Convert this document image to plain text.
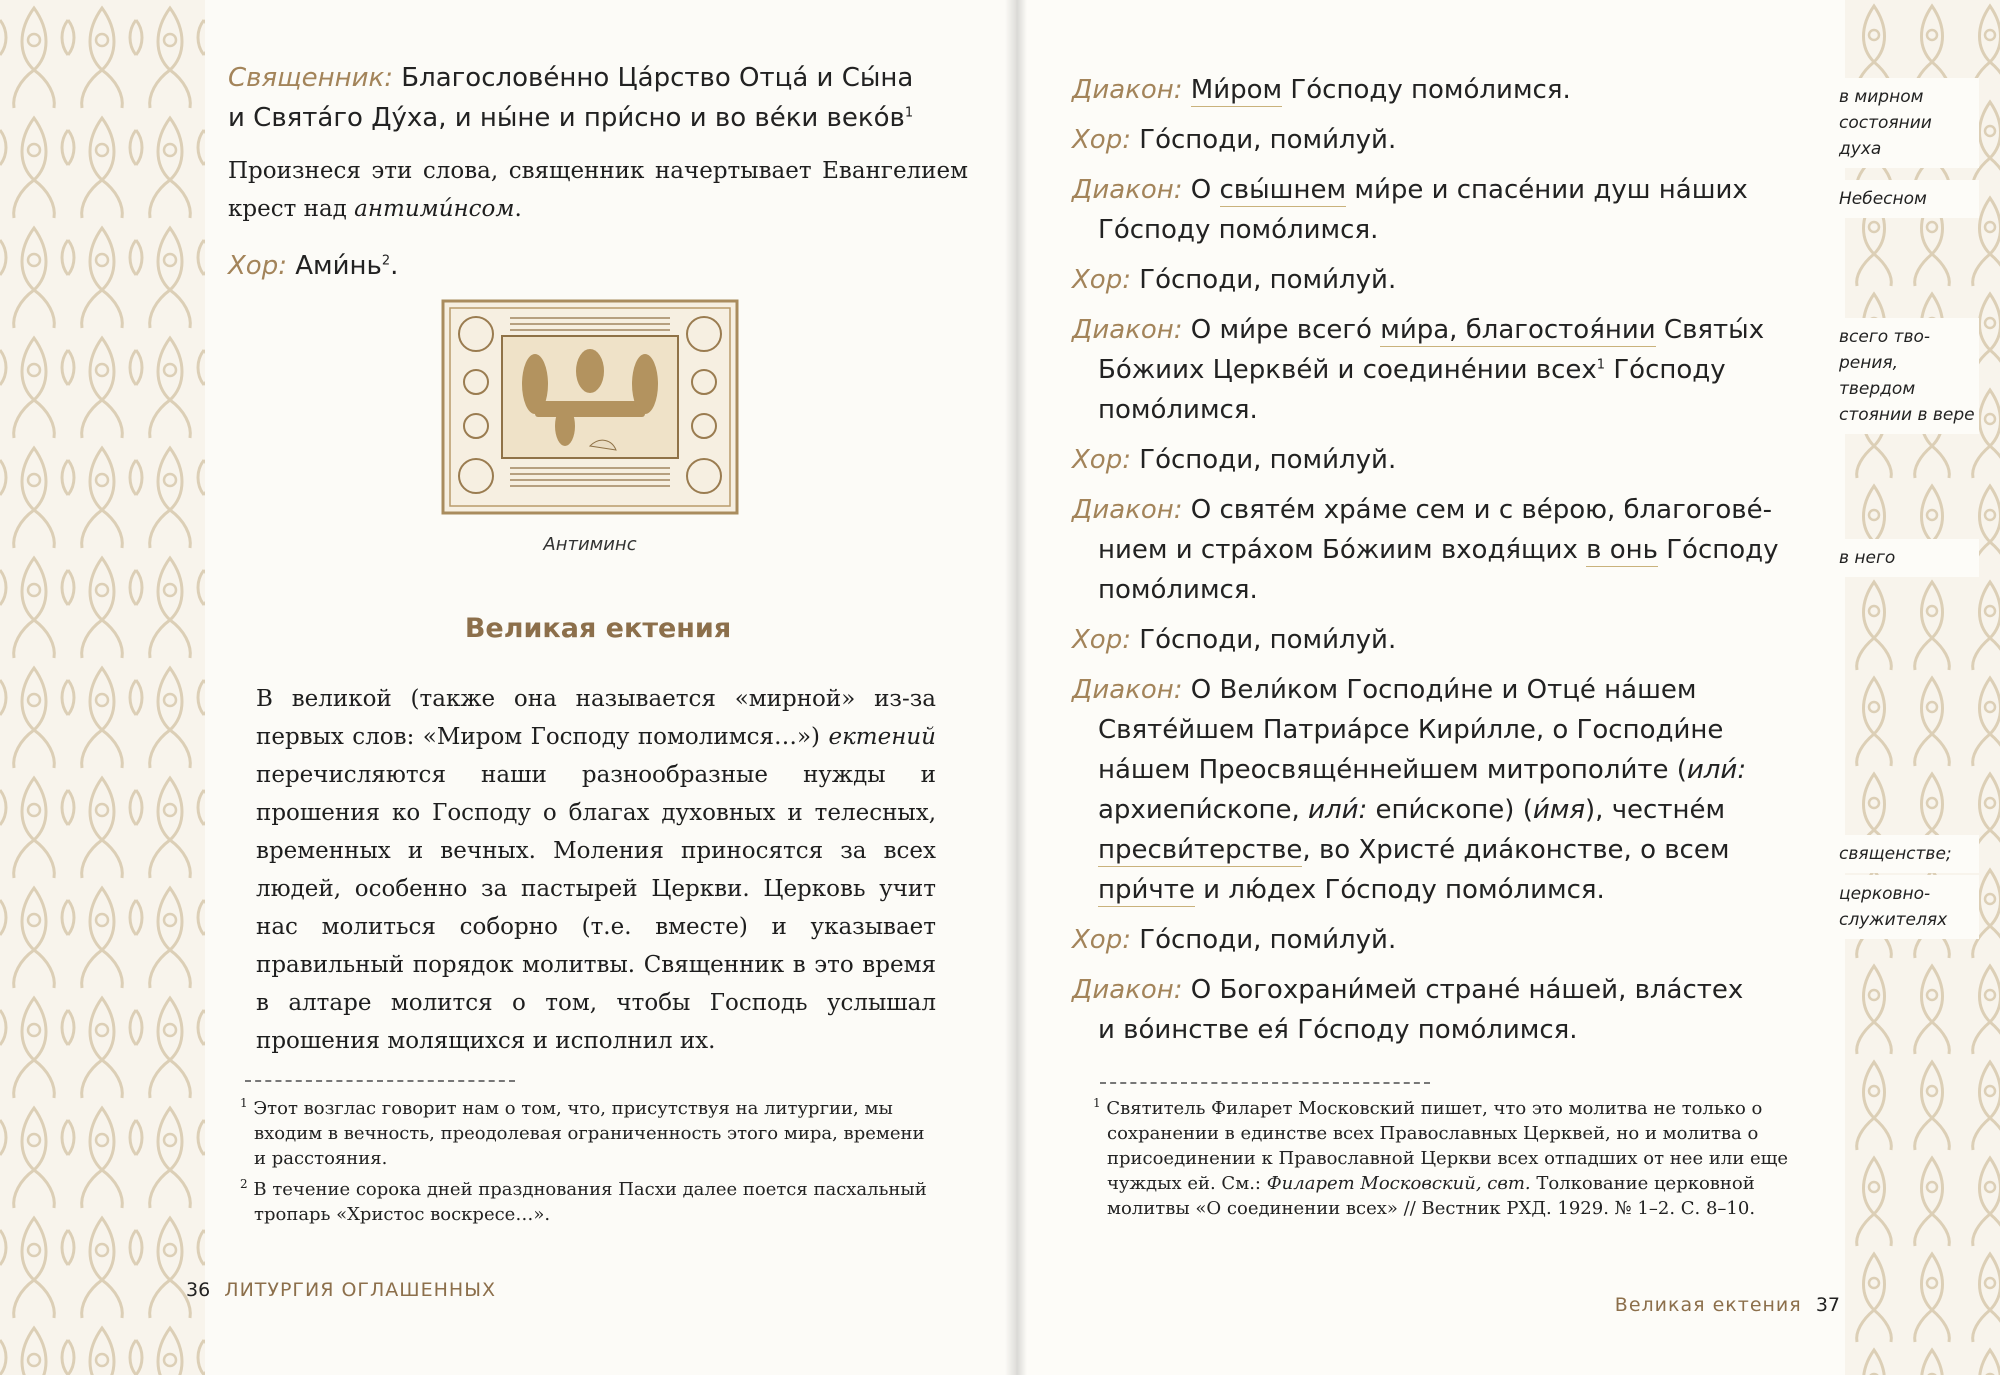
Священник: Благословéнно Цáрство Отцá и Сы́на

и Святáго Дýха, и ны́не и при́сно и во вéки векóв$^1$

Произнеся эти слова, священник начертывает Евангелием крест над антими́нсом.

Хор: $Ами́нь^2$.

Антиминс
Великая ектения

В великой (также она называется «мирной» из-за первых слов: «Миром Господу помолимся…») ектений перечисляются наши разнообразные нужды и прошения ко Господу о благах духовных и телесных, временных и вечных. Моления приносятся за всех людей, особенно за пастырей Церкви. Церковь учит нас молиться соборно (т.е. вместе) и указывает правильный порядок молитвы. Священник в это время в алтаре молится о том, чтобы Господь услышал прошения молящихся и исполнил их.

$^1$ Этот возглас говорит нам о том, что, присутствуя на литургии, мы входим в вечность, преодолевая ограниченность этого мира, времени и расстояния.

$^2$ В течение сорока дней празднования Пасхи далее поется пасхальный тропарь «Христос воскресе…».

36 ЛИТУРГИЯ ОГЛАШЕННЫХ

Диакон: Ми́ром Гóсподу помóлимся.

Хор: Гóсподи, поми́луй.

Диакон: О свы́шнем ми́ре и спасéнии душ нáших
Гóсподу помóлимся.

Хор: Гóсподи, поми́луй.

Диакон: О ми́ре всегó ми́ра, благостоя́нии Святы́х
Бóжиих Церквéй и соединéнии всех$^1$ Гóсподу
помóлимся.

Хор: Гóсподи, поми́луй.

Диакон: О святéм хрáме сем и с вéрою, благоговé-
нием и стрáхом Бóжиим входя́щих в онь Гóсподу
помóлимся.

Хор: Гóсподи, поми́луй.

Диакон: О Вели́ком Господи́не и Отцé нáшем
Святéйшем Патриáрсе Кири́лле, о Господи́не
нáшем Преосвящéннейшем митрополи́те (или́:
архиепи́скопе, или́: епи́скопе) (и́мя), честнéм
пресви́терстве, во Христé диáконстве, о всем
при́чте и лю́дех Гóсподу помóлимся.

Хор: Гóсподи, поми́луй.

Диакон: О Богохрани́мей странé нáшей, влáстех
и вóинстве eя́ Гóсподу помóлимся.

$^1$ Святитель Филарет Московский пишет, что это молитва не только о сохранении в единстве всех Православных Церквей, но и молитва о присоединении к Православной Церкви всех отпадших от нее или еще чуждых ей. См.: Филарет Московский, свт. Толкование церковной молитвы «О соединении всех» // Вестник РХД. 1929. № 1–2. С. 8–10.

Великая ектения 37
в мирном состоянии духа
Небесном
всего творения, твердом стоянии в вере
в него
священстве;
церковнослужителях
